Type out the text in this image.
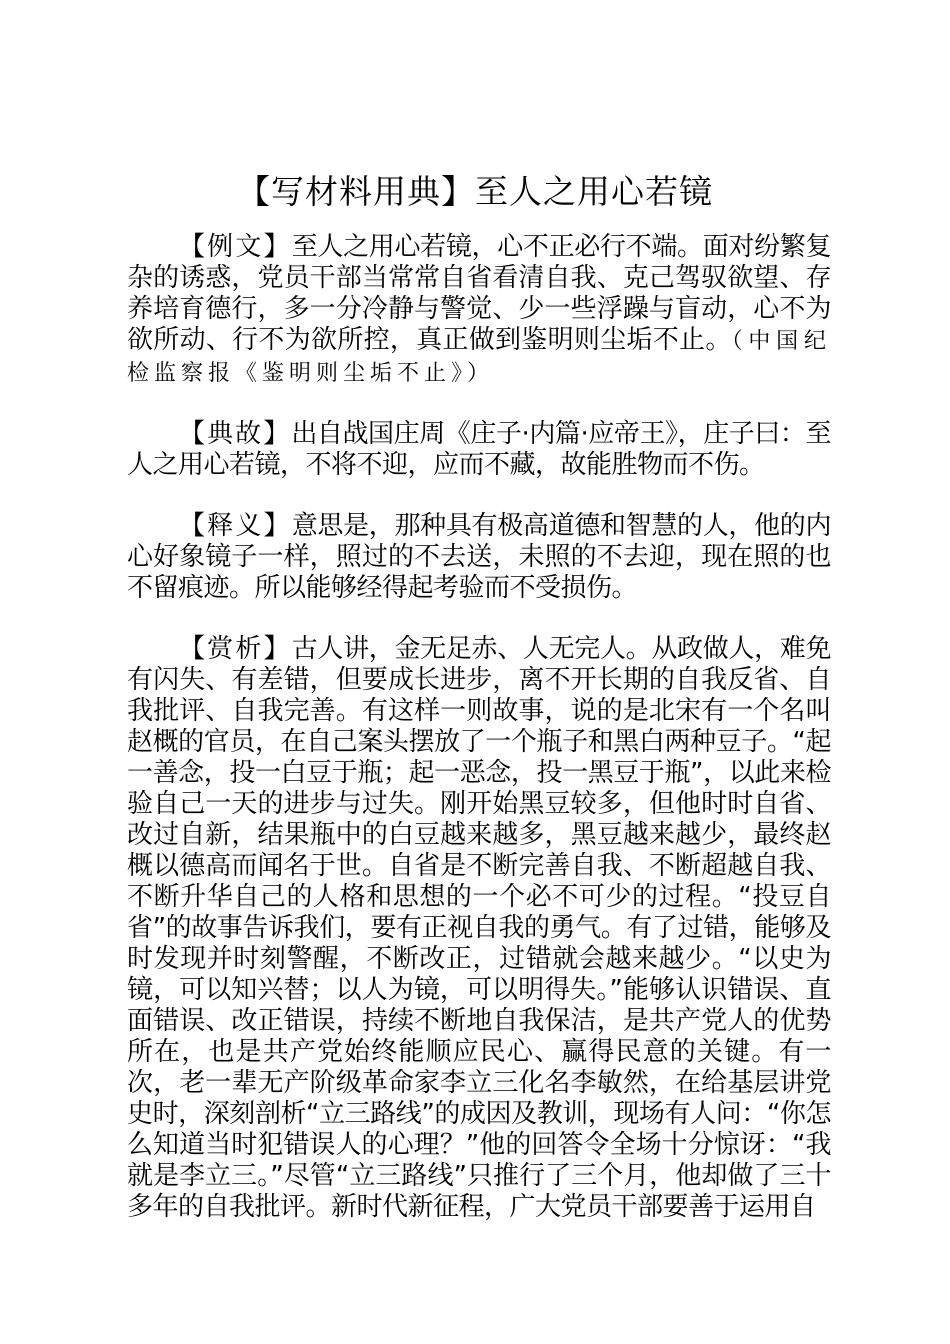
【写材料用典】至人之用心若镜

【例文】至人之用心若镜，心不正必行不端。面对纷繁复杂的诱惑，党员干部当常常自省看清自我、克己驾驭欲望、存养培育德行，多一分冷静与警觉、少一些浮躁与盲动，心不为欲所动、行不为欲所控，真正做到鉴明则尘垢不止。（中国纪检监察报《鉴明则尘垢不止》）

【典故】出自战国庄周《庄子·内篇·应帝王》，庄子曰：至人之用心若镜，不将不迎，应而不藏，故能胜物而不伤。

【释义】意思是，那种具有极高道德和智慧的人，他的内心好象镜子一样，照过的不去送，未照的不去迎，现在照的也不留痕迹。所以能够经得起考验而不受损伤。

【赏析】古人讲，金无足赤、人无完人。从政做人，难免有闪失、有差错，但要成长进步，离不开长期的自我反省、自我批评、自我完善。有这样一则故事，说的是北宋有一个名叫赵概的官员，在自己案头摆放了一个瓶子和黑白两种豆子。“起一善念，投一白豆于瓶；起一恶念，投一黑豆于瓶”，以此来检验自己一天的进步与过失。刚开始黑豆较多，但他时时自省、改过自新，结果瓶中的白豆越来越多，黑豆越来越少，最终赵概以德高而闻名于世。自省是不断完善自我、不断超越自我、不断升华自己的人格和思想的一个必不可少的过程。“投豆自省”的故事告诉我们，要有正视自我的勇气。有了过错，能够及时发现并时刻警醒，不断改正，过错就会越来越少。“以史为镜，可以知兴替；以人为镜，可以明得失。”能够认识错误、直面错误、改正错误，持续不断地自我保洁，是共产党人的优势所在，也是共产党始终能顺应民心、赢得民意的关键。有一次，老一辈无产阶级革命家李立三化名李敏然，在给基层讲党史时，深刻剖析“立三路线”的成因及教训，现场有人问：“你怎么知道当时犯错误人的心理？”他的回答令全场十分惊讶：“我就是李立三。”尽管“立三路线”只推行了三个月，他却做了三十多年的自我批评。新时代新征程，广大党员干部要善于运用自
